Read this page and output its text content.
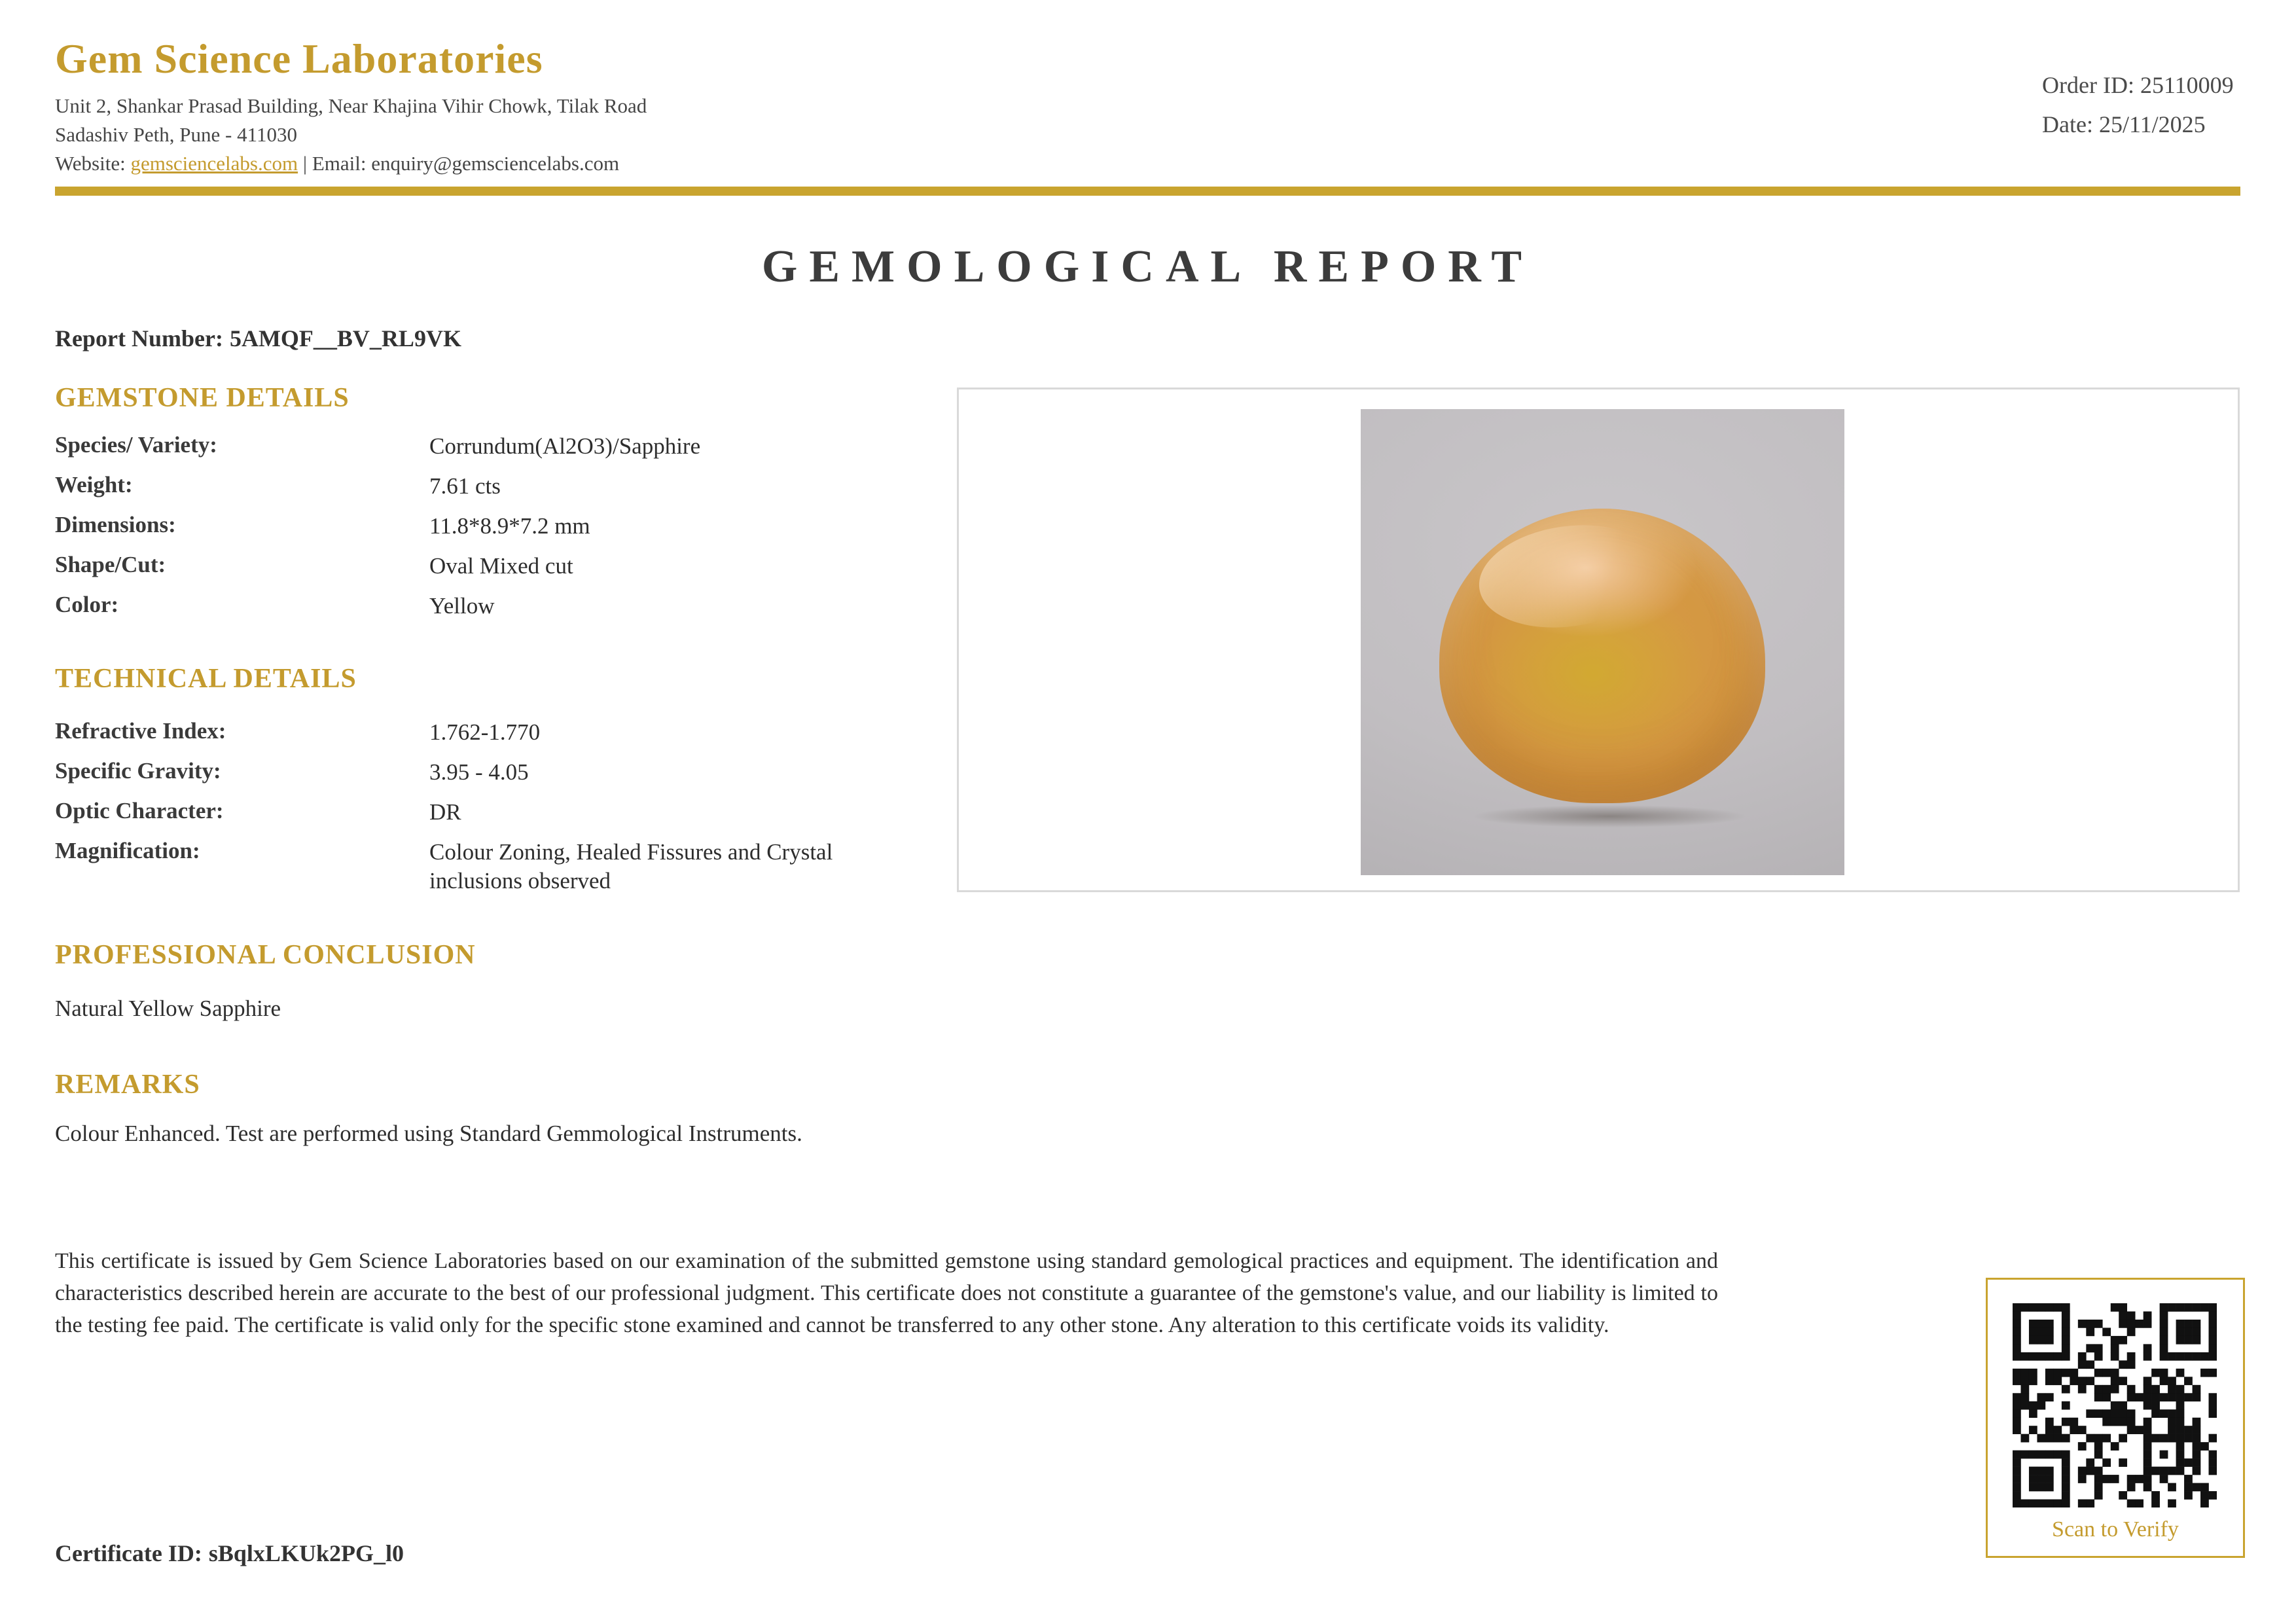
Gem Science Laboratories
Unit 2, Shankar Prasad Building, Near Khajina Vihir Chowk, Tilak Road
Sadashiv Peth, Pune - 411030
Website: gemsciencelabs.com | Email: enquiry@gemsciencelabs.com
Order ID: 25110009
Date: 25/11/2025
GEMOLOGICAL REPORT
Report Number: 5AMQF__BV_RL9VK
GEMSTONE DETAILS
Species/ Variety:	Corrundum(Al2O3)/Sapphire
Weight:	7.61 cts
Dimensions:	11.8*8.9*7.2 mm
Shape/Cut:	Oval Mixed cut
Color:	Yellow
TECHNICAL DETAILS
Refractive Index:	1.762-1.770
Specific Gravity:	3.95 - 4.05
Optic Character:	DR
Magnification:	Colour Zoning, Healed Fissures and Crystal inclusions observed
PROFESSIONAL CONCLUSION
Natural Yellow Sapphire
REMARKS
Colour Enhanced. Test are performed using Standard Gemmological Instruments.
This certificate is issued by Gem Science Laboratories based on our examination of the submitted gemstone using standard gemological practices and equipment. The identification and characteristics described herein are accurate to the best of our professional judgment. This certificate does not constitute a guarantee of the gemstone's value, and our liability is limited to the testing fee paid. The certificate is valid only for the specific stone examined and cannot be transferred to any other stone. Any alteration to this certificate voids its validity.
Certificate ID: sBqlxLKUk2PG_l0
Scan to Verify
